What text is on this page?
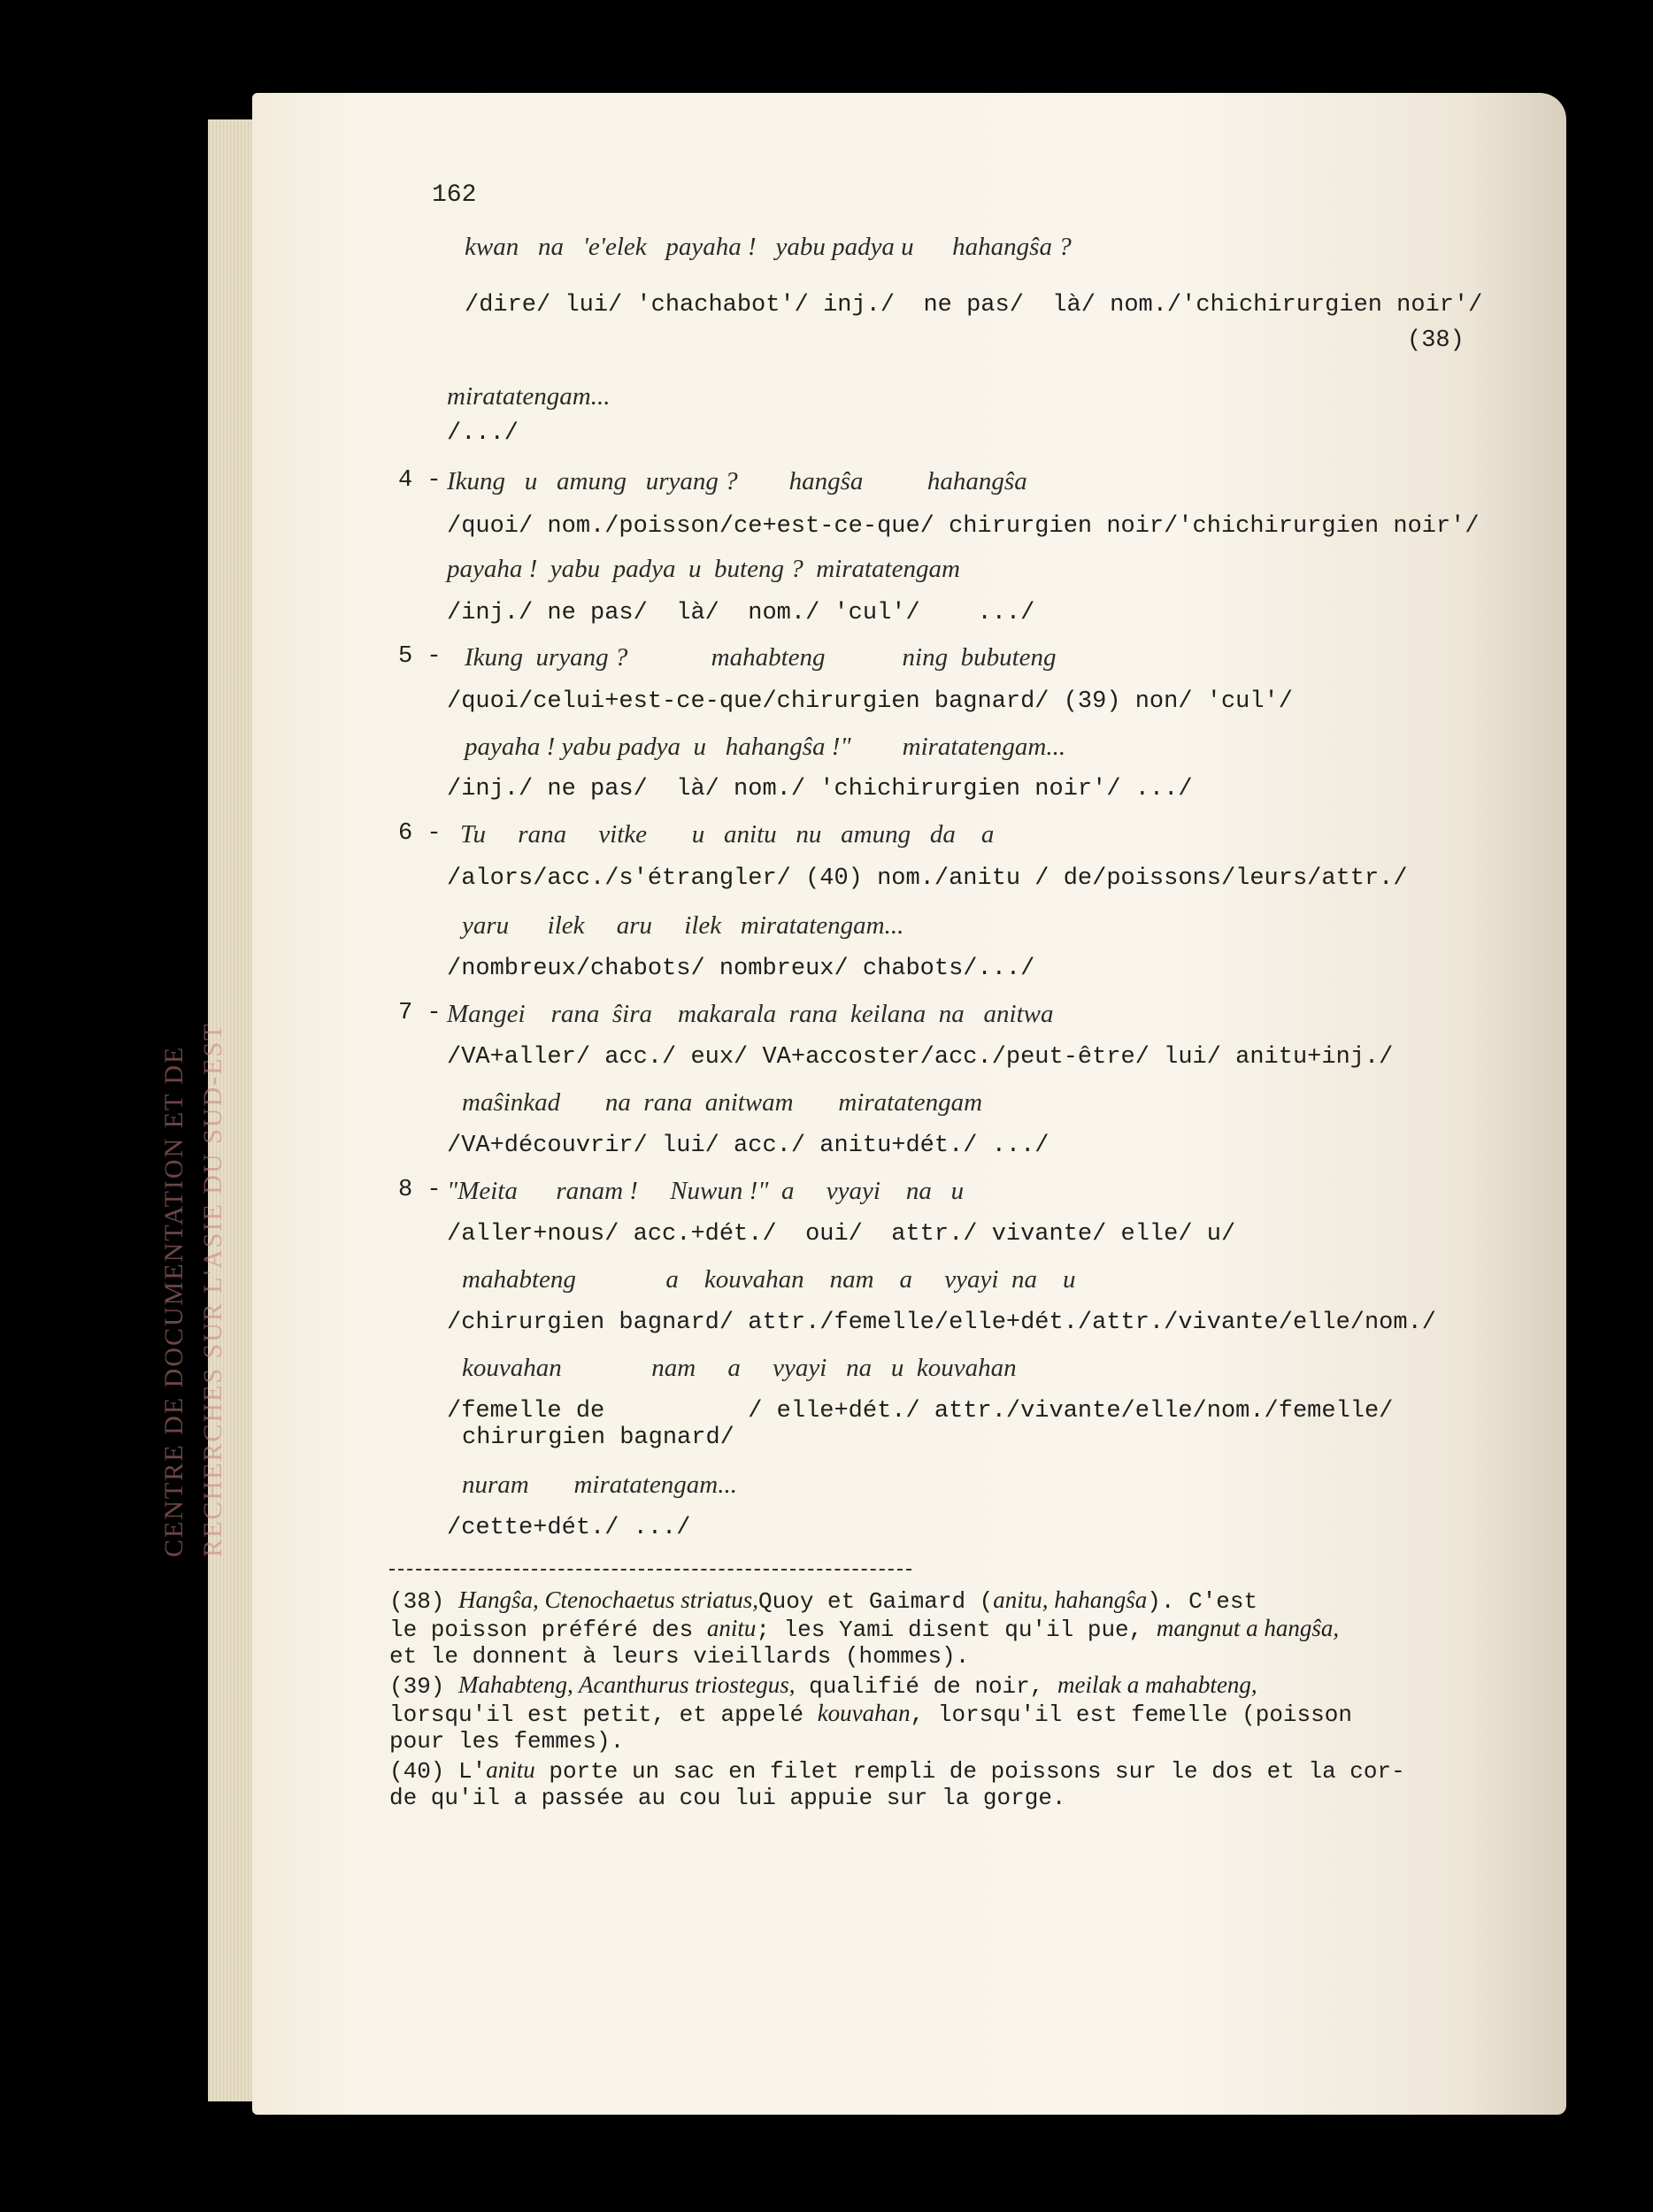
CENTRE DE DOCUMENTATION ET DE RECHERCHES SUR L'ASIE DU SUD-EST
162
kwan   na   'e'elek   payaha !   yabu padya u      hahangŝa ?
/dire/ lui/ 'chachabot'/ inj./  ne pas/  là/ nom./'chichirurgien noir'/
(38)
miratatengam...
/.../
Ikung   u   amung   uryang ?        hangŝa          hahangŝa
/quoi/ nom./poisson/ce+est-ce-que/ chirurgien noir/'chichirurgien noir'/
payaha !  yabu  padya  u  buteng ?  miratatengam
/inj./ ne pas/  là/  nom./ 'cul'/    .../
Ikung  uryang ?             mahabteng            ning  bubuteng
/quoi/celui+est-ce-que/chirurgien bagnard/ (39) non/ 'cul'/
payaha ! yabu padya  u   hahangŝa !"        miratatengam...
/inj./ ne pas/  là/ nom./ 'chichirurgien noir'/ .../
Tu     rana     vitke       u   anitu   nu   amung   da    a
/alors/acc./s'étrangler/ (40) nom./anitu / de/poissons/leurs/attr./
yaru      ilek     aru     ilek   miratatengam...
/nombreux/chabots/ nombreux/ chabots/.../
Mangei    rana  ŝira    makarala  rana  keilana  na   anitwa
/VA+aller/ acc./ eux/ VA+accoster/acc./peut-être/ lui/ anitu+inj./
maŝinkad       na  rana  anitwam       miratatengam
/VA+découvrir/ lui/ acc./ anitu+dét./ .../
"Meita      ranam !     Nuwun !"  a     vyayi    na   u
/aller+nous/ acc.+dét./  oui/  attr./ vivante/ elle/ u/
mahabteng              a    kouvahan    nam    a     vyayi  na    u
/chirurgien bagnard/ attr./femelle/elle+dét./attr./vivante/elle/nom./
kouvahan              nam     a     vyayi   na   u  kouvahan
/femelle de          / elle+dét./ attr./vivante/elle/nom./femelle/
chirurgien bagnard/
nuram       miratatengam...
/cette+dét./ .../
4 -
5 -
6 -
7 -
8 -
(38) Hangŝa, Ctenochaetus striatus,Quoy et Gaimard (anitu, hahangŝa). C'est
le poisson préféré des anitu; les Yami disent qu'il pue, mangnut a hangŝa,
et le donnent à leurs vieillards (hommes).
(39) Mahabteng, Acanthurus triostegus, qualifié de noir, meilak a mahabteng,
lorsqu'il est petit, et appelé kouvahan, lorsqu'il est femelle (poisson
pour les femmes).
(40) L'anitu porte un sac en filet rempli de poissons sur le dos et la cor-
de qu'il a passée au cou lui appuie sur la gorge.
